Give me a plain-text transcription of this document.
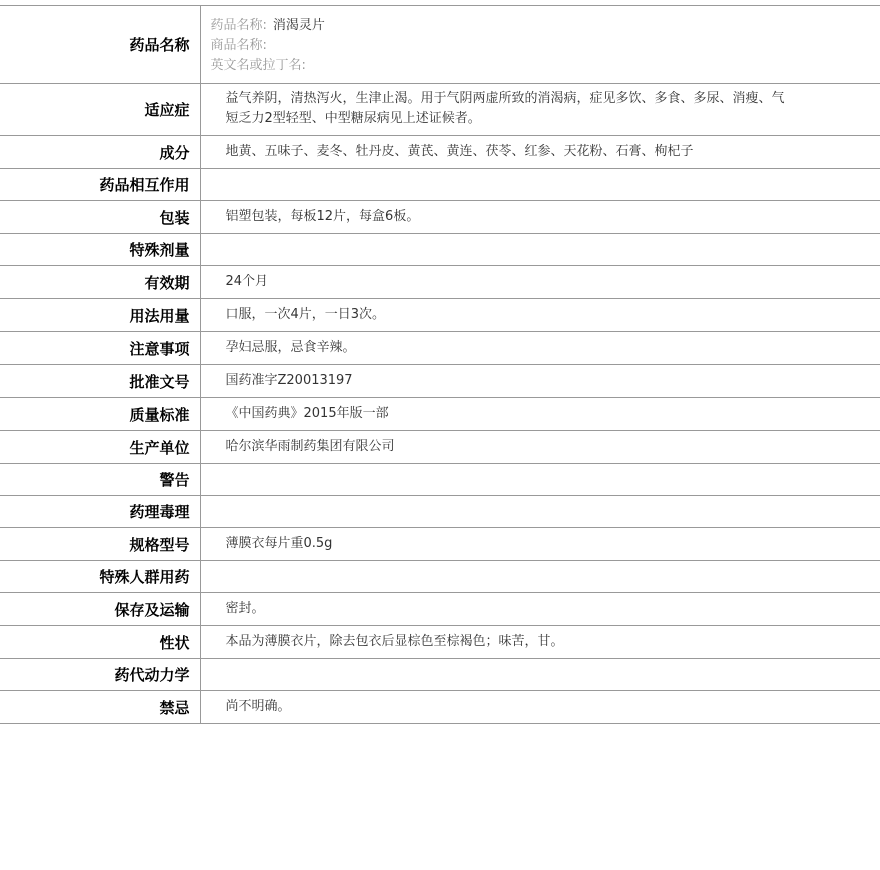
药品名称	药品名称: 消渴灵片
商品名称:
英文名或拉丁名:

适应症	益气养阴，清热泻火，生津止渴。用于气阴两虚所致的消渴病，症见多饮、多食、多尿、消瘦、气短乏力2型轻型、中型糖尿病见上述证候者。
成分	地黄、五味子、麦冬、牡丹皮、黄芪、黄连、茯苓、红参、天花粉、石膏、枸杞子
药品相互作用	
包装	铝塑包装，每板12片，每盒6板。
特殊剂量	
有效期	24个月
用法用量	口服，一次4片，一日3次。
注意事项	孕妇忌服，忌食辛辣。
批准文号	国药准字Z20013197
质量标准	《中国药典》2015年版一部
生产单位	哈尔滨华雨制药集团有限公司
警告	
药理毒理	
规格型号	薄膜衣每片重0.5g
特殊人群用药	
保存及运输	密封。
性状	本品为薄膜衣片，除去包衣后显棕色至棕褐色；味苦，甘。
药代动力学	
禁忌	尚不明确。
